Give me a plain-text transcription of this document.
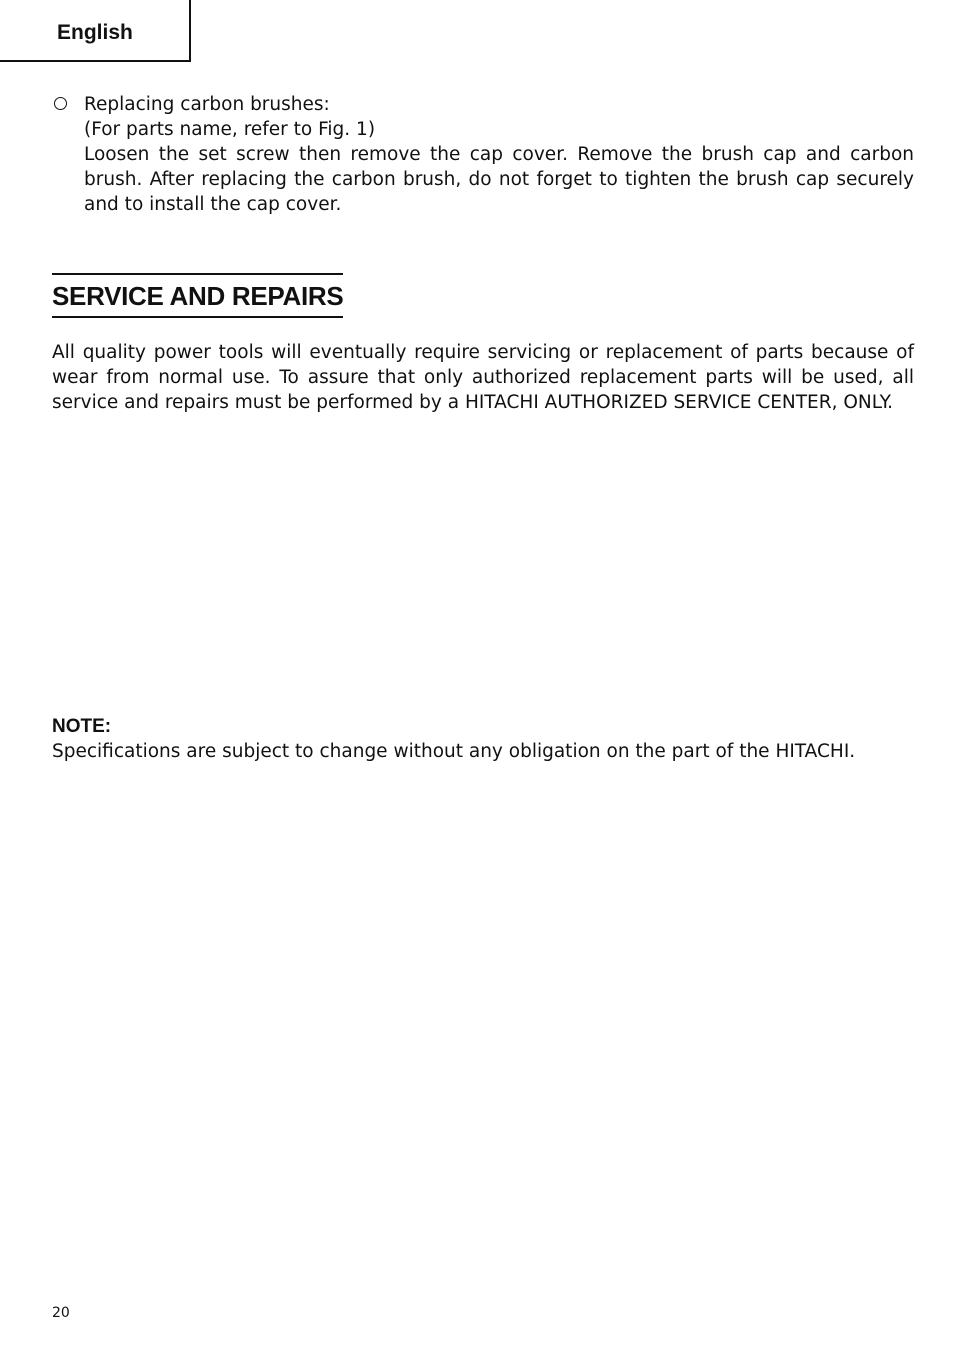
English
Replacing carbon brushes:
(For parts name, refer to Fig. 1)
Loosen the set screw then remove the cap cover. Remove the brush cap and carbon brush. After replacing the carbon brush, do not forget to tighten the brush cap securely and to install the cap cover.
SERVICE AND REPAIRS
All quality power tools will eventually require servicing or replacement of parts because of wear from normal use. To assure that only authorized replacement parts will be used, all service and repairs must be performed by a HITACHI AUTHORIZED SERVICE CENTER, ONLY.
NOTE:
Specifications are subject to change without any obligation on the part of the HITACHI.
20
